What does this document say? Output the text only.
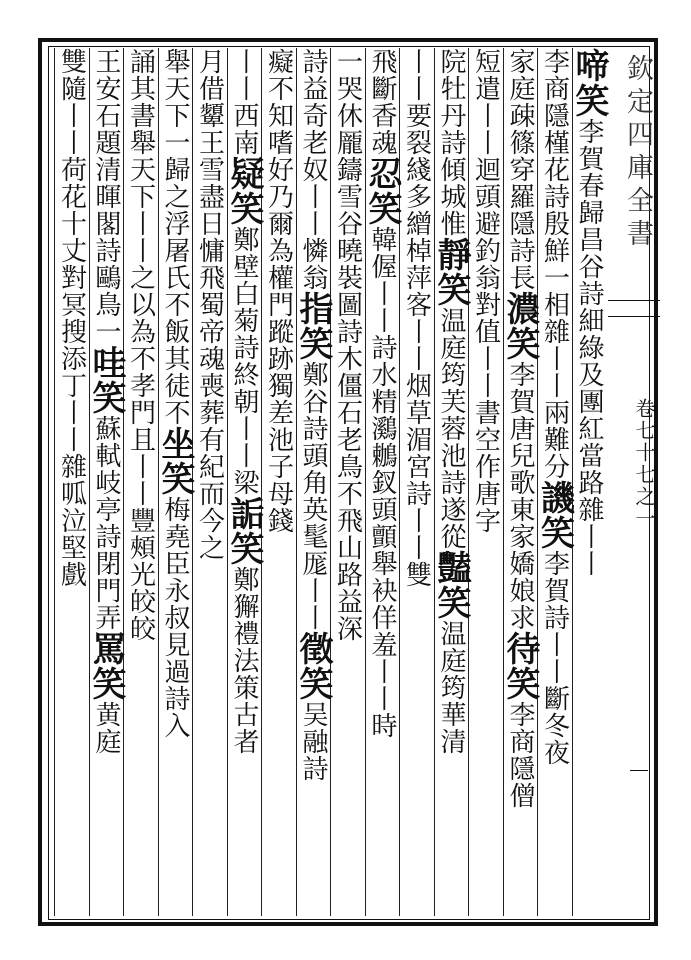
欽定四庫全書
卷七十七之一
啼笑李賀春歸昌谷詩細綠及團紅當路雜丨丨
李商隱槿花詩殷鮮一相雜丨丨兩難分譏笑李賀詩丨丨斷冬夜
家庭疎篠穿羅隱詩長濃笑李賀唐兒歌東家嬌娘求待笑李商隱僧
短遣丨丨迴頭避釣翁對值丨丨書空作唐字
院牡丹詩傾城惟靜笑温庭筠芙蓉池詩遂從豔笑温庭筠華清
丨丨要裂綫多繒棹萍客丨丨烟草湄宮詩丨丨雙
飛斷香魂忍笑韓偓丨丨詩水精鸂鶒釵頭顫舉袂佯羞丨丨時
一哭休龎鑄雪谷曉裝圖詩木僵石老鳥不飛山路益深
詩益奇老奴丨丨憐翁指笑鄭谷詩頭角英髦厖丨丨徵笑吴融詩
癡不知嗜好乃爾為權門蹤跡獨差池子母錢
丨丨西南疑笑鄭壁白菊詩終朝丨丨梁詬笑鄭獬禮法策古者
月借顰王雪盡日慵飛蜀帝魂喪葬有紀而今之
舉天下一歸之浮屠氏不飯其徒不坐笑梅堯臣永叔見過詩入
誦其書舉天下丨丨之以為不孝門且丨丨豐頰光皎皎
王安石題清暉閣詩鷗鳥一哇笑蘇軾岐亭詩閉門弄罵笑黄庭
雙隨丨丨荷花十丈對冥搜添丁丨丨雜呱泣堅戲
